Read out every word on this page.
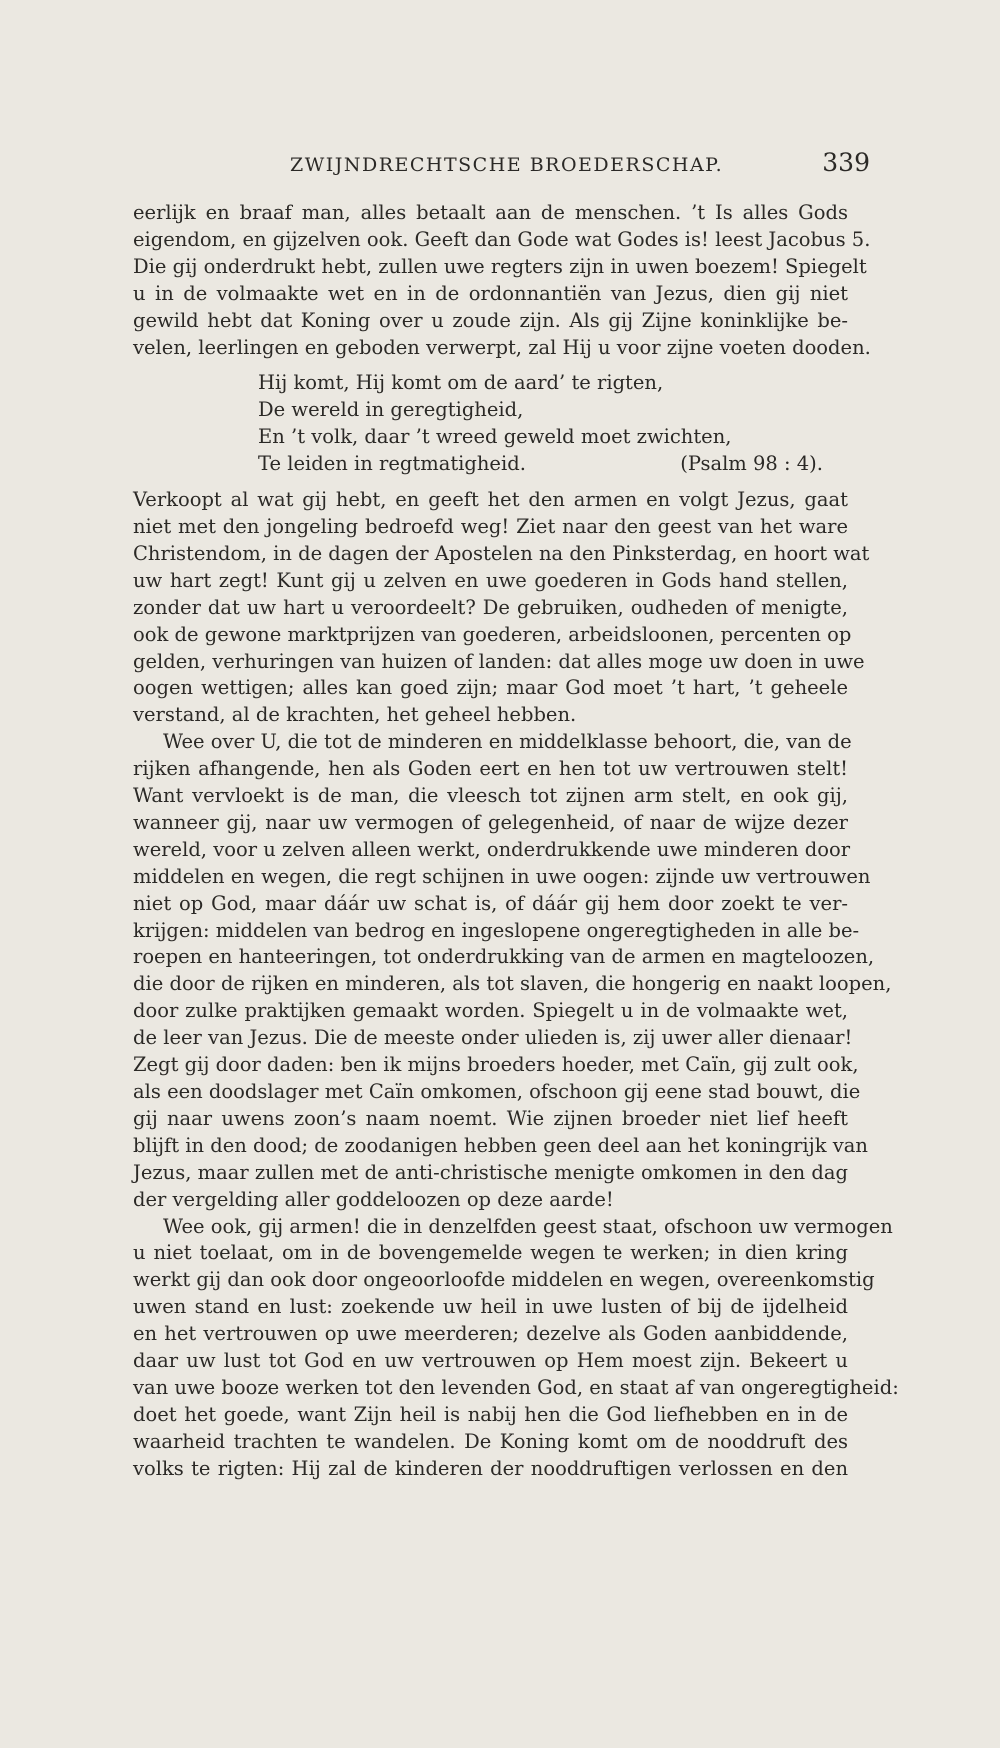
ZWIJNDRECHTSCHE BROEDERSCHAP.	339
eerlijk en braaf man, alles betaalt aan de menschen. ’t Is alles Gods
eigendom, en gijzelven ook. Geeft dan Gode wat Godes is! leest Jacobus 5.
Die gij onderdrukt hebt, zullen uwe regters zijn in uwen boezem! Spiegelt
u in de volmaakte wet en in de ordonnantiën van Jezus, dien gij niet
gewild hebt dat Koning over u zoude zijn. Als gij Zijne koninklijke be-
velen, leerlingen en geboden verwerpt, zal Hij u voor zijne voeten dooden.
Hij komt, Hij komt om de aard’ te rigten,
De wereld in geregtigheid,
En ’t volk, daar ’t wreed geweld moet zwichten,
Te leiden in regtmatigheid.	(Psalm 98 : 4).
Verkoopt al wat gij hebt, en geeft het den armen en volgt Jezus, gaat
niet met den jongeling bedroefd weg! Ziet naar den geest van het ware
Christendom, in de dagen der Apostelen na den Pinksterdag, en hoort wat
uw hart zegt! Kunt gij u zelven en uwe goederen in Gods hand stellen,
zonder dat uw hart u veroordeelt? De gebruiken, oudheden of menigte,
ook de gewone marktprijzen van goederen, arbeidsloonen, percenten op
gelden, verhuringen van huizen of landen: dat alles moge uw doen in uwe
oogen wettigen; alles kan goed zijn; maar God moet ’t hart, ’t geheele
verstand, al de krachten, het geheel hebben.
Wee over U, die tot de minderen en middelklasse behoort, die, van de
rijken afhangende, hen als Goden eert en hen tot uw vertrouwen stelt!
Want vervloekt is de man, die vleesch tot zijnen arm stelt, en ook gij,
wanneer gij, naar uw vermogen of gelegenheid, of naar de wijze dezer
wereld, voor u zelven alleen werkt, onderdrukkende uwe minderen door
middelen en wegen, die regt schijnen in uwe oogen: zijnde uw vertrouwen
niet op God, maar dáár uw schat is, of dáár gij hem door zoekt te ver-
krijgen: middelen van bedrog en ingeslopene ongeregtigheden in alle be-
roepen en hanteeringen, tot onderdrukking van de armen en magteloozen,
die door de rijken en minderen, als tot slaven, die hongerig en naakt loopen,
door zulke praktijken gemaakt worden. Spiegelt u in de volmaakte wet,
de leer van Jezus. Die de meeste onder ulieden is, zij uwer aller dienaar!
Zegt gij door daden: ben ik mijns broeders hoeder, met Caïn, gij zult ook,
als een doodslager met Caïn omkomen, ofschoon gij eene stad bouwt, die
gij naar uwens zoon’s naam noemt. Wie zijnen broeder niet lief heeft
blijft in den dood; de zoodanigen hebben geen deel aan het koningrijk van
Jezus, maar zullen met de anti-christische menigte omkomen in den dag
der vergelding aller goddeloozen op deze aarde!
Wee ook, gij armen! die in denzelfden geest staat, ofschoon uw vermogen
u niet toelaat, om in de bovengemelde wegen te werken; in dien kring
werkt gij dan ook door ongeoorloofde middelen en wegen, overeenkomstig
uwen stand en lust: zoekende uw heil in uwe lusten of bij de ijdelheid
en het vertrouwen op uwe meerderen; dezelve als Goden aanbiddende,
daar uw lust tot God en uw vertrouwen op Hem moest zijn. Bekeert u
van uwe booze werken tot den levenden God, en staat af van ongeregtigheid:
doet het goede, want Zijn heil is nabij hen die God liefhebben en in de
waarheid trachten te wandelen. De Koning komt om de nooddruft des
volks te rigten: Hij zal de kinderen der nooddruftigen verlossen en den
